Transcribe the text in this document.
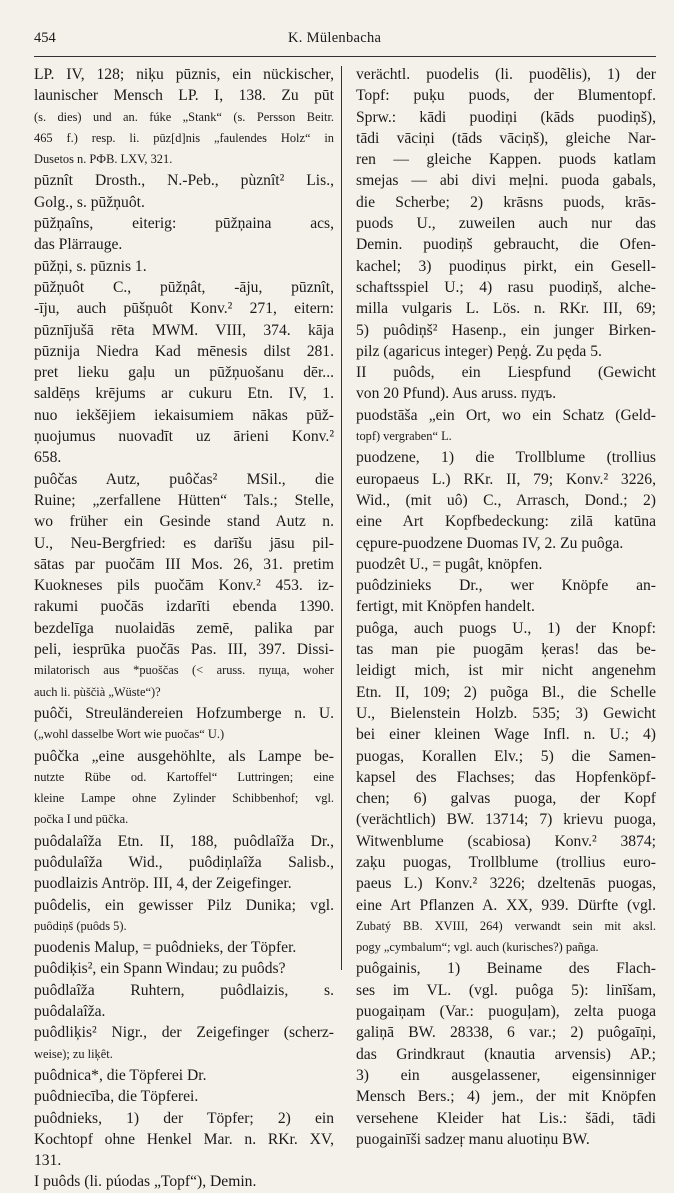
454	K. Mülenbacha
LP. IV, 128; niķu pūznis, ein nückischer,
launischer Mensch LP. I, 138. Zu pūt
(s. dies) und an. fúke „Stank“ (s. Persson Beitr.
465 f.) resp. li. pūz[d]nis „faulendes Holz“ in
Dusetos n. PФВ. LXV, 321.
pūznît Drosth., N.-Peb., pùznît² Lis.,
Golg., s. pūžņuôt.
pūžņaîns, eiterig: pūžņaina acs,
das Plärrauge.
pūžņi, s. pūznis 1.
pūžņuôt C., pūžņât, -āju, pūznît,
-īju, auch pūšņuôt Konv.² 271, eitern:
pūznījušā rēta MWM. VIII, 374. kāja
pūznija Niedra Kad mēnesis dilst 281.
pret lieku gaļu un pūžņuošanu dēr...
saldēņs krējums ar cukuru Etn. IV, 1.
nuo iekšējiem iekaisumiem nākas pūž-
ņuojumus nuovadīt uz ārieni Konv.²
658.
puôčas Autz, puôčas² MSil., die
Ruine; „zerfallene Hütten“ Tals.; Stelle,
wo früher ein Gesinde stand Autz n.
U., Neu-Bergfried: es darīšu jāsu pil-
sātas par puočām III Mos. 26, 31. pretim
Kuokneses pils puočām Konv.² 453. iz-
rakumi puočās izdarīti ebenda 1390.
bezdelīga nuolaidās zemē, palika par
peli, iesprūka puočās Pas. III, 397. Dissi-
milatorisch aus *puoščas (< aruss. пуща, woher
auch li. pùščià „Wüste“)?
puôči, Streuländereien Hofzumberge n. U.
(„wohl dasselbe Wort wie puočas“ U.)
puôčka „eine ausgehöhlte, als Lampe be-
nutzte Rübe od. Kartoffel“ Luttringen; eine
kleine Lampe ohne Zylinder Schibbenhof; vgl.
počka I und pūčka.
puôdalaîža Etn. II, 188, puôdlaîža Dr.,
puôdulaîža Wid., puôdiņlaîža Salisb.,
puodlaizis Antröp. III, 4, der Zeigefinger.
puôdelis, ein gewisser Pilz Dunika; vgl.
puôdiņš (puôds 5).
puodenis Malup, = puôdnieks, der Töpfer.
puôdiķis², ein Spann Windau; zu puôds?
puôdlaîža Ruhtern, puôdlaizis, s.
puôdalaîža.
puôdliķis² Nigr., der Zeigefinger (scherz-
weise); zu liķêt.
puôdnica*, die Töpferei Dr.
puôdniecība, die Töpferei.
puôdnieks, 1) der Töpfer; 2) ein
Kochtopf ohne Henkel Mar. n. RKr. XV,
131.
I puôds (li. púodas „Topf“), Demin.
verächtl. puodelis (li. puodẽlis), 1) der
Topf: puķu puods, der Blumentopf.
Sprw.: kādi puodiņi (kāds puodiņš),
tādi vāciņi (tāds vāciņš), gleiche Nar-
ren — gleiche Kappen. puods katlam
smejas — abi divi meļni. puoda gabals,
die Scherbe; 2) krāsns puods, krās-
puods U., zuweilen auch nur das
Demin. puodiņš gebraucht, die Ofen-
kachel; 3) puodiņus pirkt, ein Gesell-
schaftsspiel U.; 4) rasu puodiņš, alche-
milla vulgaris L. Lös. n. RKr. III, 69;
5) puôdiņš² Hasenp., ein junger Birken-
pilz (agaricus integer) Peņģ. Zu pęda 5.
II puôds, ein Liespfund (Gewicht
von 20 Pfund). Aus aruss. пудъ.
puodstāša „ein Ort, wo ein Schatz (Geld-
topf) vergraben“ L.
puodzene, 1) die Trollblume (trollius
europaeus L.) RKr. II, 79; Konv.² 3226,
Wid., (mit uô) C., Arrasch, Dond.; 2)
eine Art Kopfbedeckung: zilā katūna
cępure-puodzene Duomas IV, 2. Zu puôga.
puodzêt U., = pugât, knöpfen.
puôdzinieks Dr., wer Knöpfe an-
fertigt, mit Knöpfen handelt.
puôga, auch puogs U., 1) der Knopf:
tas man pie puogām ķeras! das be-
leidigt mich, ist mir nicht angenehm
Etn. II, 109; 2) puõga Bl., die Schelle
U., Bielenstein Holzb. 535; 3) Gewicht
bei einer kleinen Wage Infl. n. U.; 4)
puogas, Korallen Elv.; 5) die Samen-
kapsel des Flachses; das Hopfenköpf-
chen; 6) galvas puoga, der Kopf
(verächtlich) BW. 13714; 7) krievu puoga,
Witwenblume (scabiosa) Konv.² 3874;
zaķu puogas, Trollblume (trollius euro-
paeus L.) Konv.² 3226; dzeltenās puogas,
eine Art Pflanzen A. XX, 939. Dürfte (vgl.
Zubatý BB. XVIII, 264) verwandt sein mit aksl.
pogy „cymbalum“; vgl. auch (kurisches?) pañga.
puôgainis, 1) Beiname des Flach-
ses im VL. (vgl. puôga 5): linīšam,
puogaiņam (Var.: puoguļam), zelta puoga
galiņā BW. 28338, 6 var.; 2) puôgaīņi,
das Grindkraut (knautia arvensis) AP.;
3) ein ausgelassener, eigensinniger
Mensch Bers.; 4) jem., der mit Knöpfen
versehene Kleider hat Lis.: šādi, tādi
puogainīši sadzeŗ manu aluotiņu BW.
